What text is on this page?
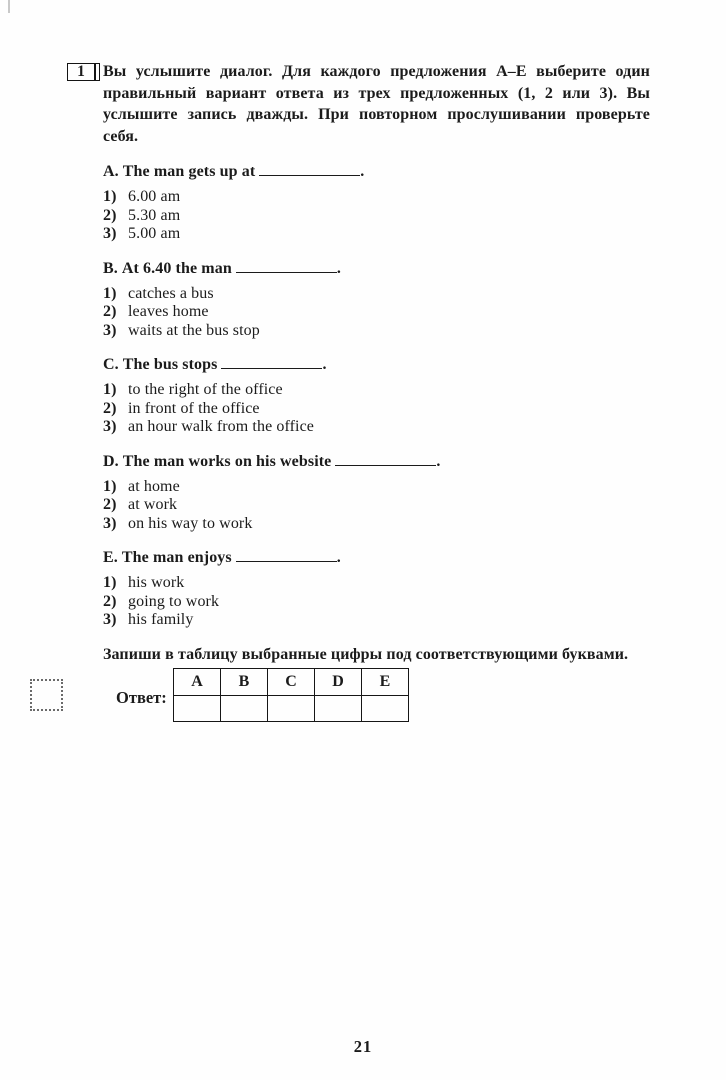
1	Вы услышите диалог. Для каждого предложения А–Е выберите один
правильный вариант ответа из трех предложенных (1, 2 или 3). Вы
услышите запись дважды. При повторном прослушивании проверьте себя.
A. The man gets up at	.
1) 6.00 am
2) 5.30 am
3) 5.00 am
B. At 6.40 the man	.
1) catches a bus
2) leaves home
3) waits at the bus stop
C. The bus stops	.
1) to the right of the office
2) in front of the office
3) an hour walk from the office
D. The man works on his website	.
1) at home
2) at work
3) on his way to work
E. The man enjoys	.
1) his work
2) going to work
3) his family
Запиши в таблицу выбранные цифры под соответствующими буквами.
Ответ:
A	B	C	D	E

21
